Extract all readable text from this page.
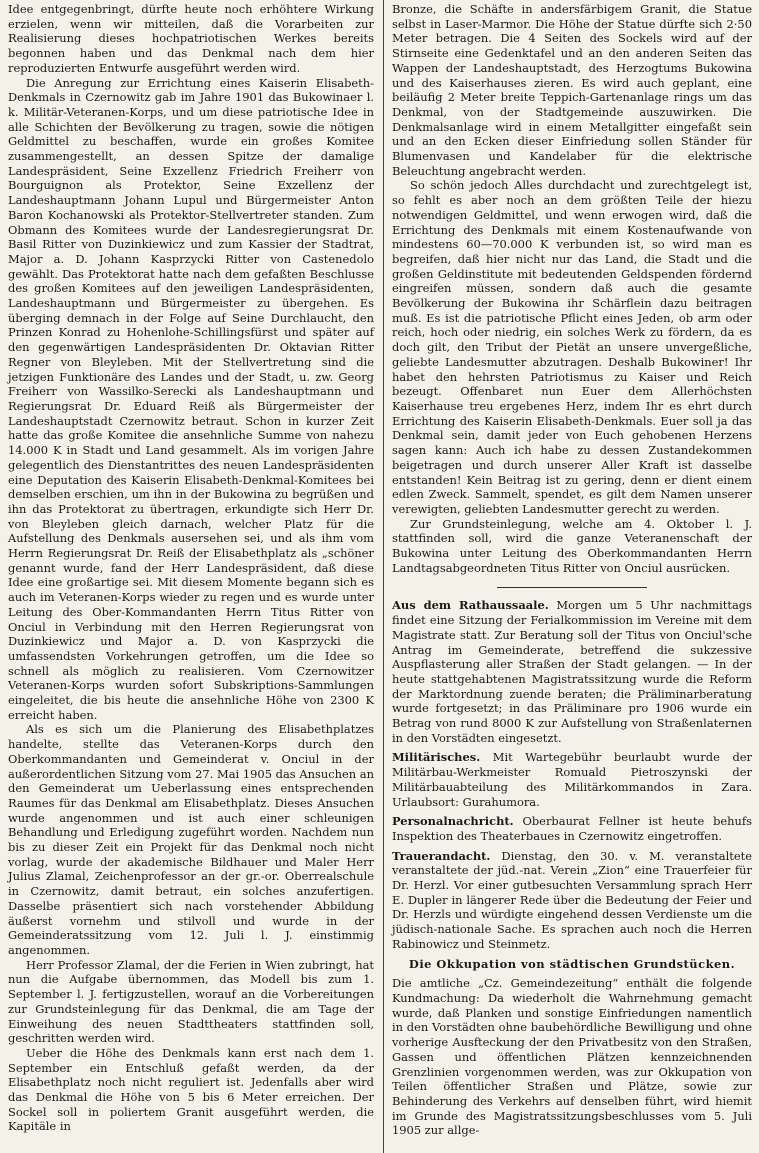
Idee entgegenbringt, dürfte heute noch erhöhtere Wirkung erzielen, wenn wir mitteilen, daß die Vorarbeiten zur Realisierung dieses hochpatriotischen Werkes bereits begonnen haben und das Denkmal nach dem hier reproduzierten Entwurfe ausgeführt werden wird.

Die Anregung zur Errichtung eines Kaiserin Elisabeth-Denkmals in Czernowitz gab im Jahre 1901 das Bukowinaer l. k. Militär-Veteranen-Korps, und um diese patriotische Idee in alle Schichten der Bevölkerung zu tragen, sowie die nötigen Geldmittel zu beschaffen, wurde ein großes Komitee zusammengestellt, an dessen Spitze der damalige Landespräsident, Seine Exzellenz Friedrich Freiherr von Bourguignon als Protektor, Seine Exzellenz der Landeshauptmann Johann Lupul und Bürgermeister Anton Baron Kochanowski als Protektor-Stellvertreter standen. Zum Obmann des Komitees wurde der Landesregierungsrat Dr. Basil Ritter von Duzinkiewicz und zum Kassier der Stadtrat, Major a. D. Johann Kasprzycki Ritter von Castenedolo gewählt. Das Protektorat hatte nach dem gefaßten Beschlusse des großen Komitees auf den jeweiligen Landespräsidenten, Landeshauptmann und Bürgermeister zu übergehen. Es überging demnach in der Folge auf Seine Durchlaucht, den Prinzen Konrad zu Hohenlohe-Schillingsfürst und später auf den gegenwärtigen Landespräsidenten Dr. Oktavian Ritter Regner von Bleyleben. Mit der Stellvertretung sind die jetzigen Funktionäre des Landes und der Stadt, u. zw. Georg Freiherr von Wassilko-Serecki als Landeshauptmann und Regierungsrat Dr. Eduard Reiß als Bürgermeister der Landeshauptstadt Czernowitz betraut. Schon in kurzer Zeit hatte das große Komitee die ansehnliche Summe von nahezu 14.000 K in Stadt und Land gesammelt. Als im vorigen Jahre gelegentlich des Dienstantrittes des neuen Landespräsidenten eine Deputation des Kaiserin Elisabeth-Denkmal-Komitees bei demselben erschien, um ihn in der Bukowina zu begrüßen und ihn das Protektorat zu übertragen, erkundigte sich Herr Dr. von Bleyleben gleich darnach, welcher Platz für die Aufstellung des Denkmals ausersehen sei, und als ihm vom Herrn Regierungsrat Dr. Reiß der Elisabethplatz als „schöner genannt wurde, fand der Herr Landespräsident, daß diese Idee eine großartige sei. Mit diesem Momente begann sich es auch im Veteranen-Korps wieder zu regen und es wurde unter Leitung des Ober-Kommandanten Herrn Titus Ritter von Onciul in Verbindung mit den Herren Regierungsrat von Duzinkiewicz und Major a. D. von Kasprzycki die umfassendsten Vorkehrungen getroffen, um die Idee so schnell als möglich zu realisieren. Vom Czernowitzer Veteranen-Korps wurden sofort Subskriptions-Sammlungen eingeleitet, die bis heute die ansehnliche Höhe von 2300 K erreicht haben.

Als es sich um die Planierung des Elisabethplatzes handelte, stellte das Veteranen-Korps durch den Oberkommandanten und Gemeinderat v. Onciul in der außerordentlichen Sitzung vom 27. Mai 1905 das Ansuchen an den Gemeinderat um Ueberlassung eines entsprechenden Raumes für das Denkmal am Elisabethplatz. Dieses Ansuchen wurde angenommen und ist auch einer schleunigen Behandlung und Erledigung zugeführt worden. Nachdem nun bis zu dieser Zeit ein Projekt für das Denkmal noch nicht vorlag, wurde der akademische Bildhauer und Maler Herr Julius Zlamal, Zeichenprofessor an der gr.-or. Oberrealschule in Czernowitz, damit betraut, ein solches anzufertigen. Dasselbe präsentiert sich nach vorstehender Abbildung äußerst vornehm und stilvoll und wurde in der Gemeinderatssitzung vom 12. Juli l. J. einstimmig angenommen.

Herr Professor Zlamal, der die Ferien in Wien zubringt, hat nun die Aufgabe übernommen, das Modell bis zum 1. September l. J. fertigzustellen, worauf an die Vorbereitungen zur Grundsteinlegung für das Denkmal, die am Tage der Einweihung des neuen Stadttheaters stattfinden soll, geschritten werden wird.

Ueber die Höhe des Denkmals kann erst nach dem 1. September ein Entschluß gefaßt werden, da der Elisabethplatz noch nicht reguliert ist. Jedenfalls aber wird das Denkmal die Höhe von 5 bis 6 Meter erreichen. Der Sockel soll in poliertem Granit ausgeführt werden, die Kapitäle in

Bronze, die Schäfte in andersfärbigem Granit, die Statue selbst in Laser-Marmor. Die Höhe der Statue dürfte sich 2·50 Meter betragen. Die 4 Seiten des Sockels wird auf der Stirnseite eine Gedenktafel und an den anderen Seiten das Wappen der Landeshauptstadt, des Herzogtums Bukowina und des Kaiserhauses zieren. Es wird auch geplant, eine beiläufig 2 Meter breite Teppich-Gartenanlage rings um das Denkmal, von der Stadtgemeinde auszuwirken. Die Denkmalsanlage wird in einem Metallgitter eingefaßt sein und an den Ecken dieser Einfriedung sollen Ständer für Blumenvasen und Kandelaber für die elektrische Beleuchtung angebracht werden.

So schön jedoch Alles durchdacht und zurechtgelegt ist, so fehlt es aber noch an dem größten Teile der hiezu notwendigen Geldmittel, und wenn erwogen wird, daß die Errichtung des Denkmals mit einem Kostenaufwande von mindestens 60—70.000 K verbunden ist, so wird man es begreifen, daß hier nicht nur das Land, die Stadt und die großen Geldinstitute mit bedeutenden Geldspenden fördernd eingreifen müssen, sondern daß auch die gesamte Bevölkerung der Bukowina ihr Schärflein dazu beitragen muß. Es ist die patriotische Pflicht eines Jeden, ob arm oder reich, hoch oder niedrig, ein solches Werk zu fördern, da es doch gilt, den Tribut der Pietät an unsere unvergeßliche, geliebte Landesmutter abzutragen. Deshalb Bukowiner! Ihr habet den hehrsten Patriotismus zu Kaiser und Reich bezeugt. Offenbaret nun Euer dem Allerhöchsten Kaiserhause treu ergebenes Herz, indem Ihr es ehrt durch Errichtung des Kaiserin Elisabeth-Denkmals. Euer soll ja das Denkmal sein, damit jeder von Euch gehobenen Herzens sagen kann: Auch ich habe zu dessen Zustandekommen beigetragen und durch unserer Aller Kraft ist dasselbe entstanden! Kein Beitrag ist zu gering, denn er dient einem edlen Zweck. Sammelt, spendet, es gilt dem Namen unserer verewigten, geliebten Landesmutter gerecht zu werden.

Zur Grundsteinlegung, welche am 4. Oktober l. J. stattfinden soll, wird die ganze Veteranenschaft der Bukowina unter Leitung des Oberkommandanten Herrn Landtagsabgeordneten Titus Ritter von Onciul ausrücken.

Aus dem Rathaussaale. Morgen um 5 Uhr nachmittags findet eine Sitzung der Ferialkommission im Vereine mit dem Magistrate statt. Zur Beratung soll der Titus von Onciul'sche Antrag im Gemeinderate, betreffend die sukzessive Auspflasterung aller Straßen der Stadt gelangen. — In der heute stattgehabtenen Magistratssitzung wurde die Reform der Marktordnung zuende beraten; die Präliminarberatung wurde fortgesetzt; in das Präliminare pro 1906 wurde ein Betrag von rund 8000 K zur Aufstellung von Straßenlaternen in den Vorstädten eingesetzt.

Militärisches. Mit Wartegebühr beurlaubt wurde der Militärbau-Werkmeister Romuald Pietroszynski der Militärbauabteilung des Militärkommandos in Zara. Urlaubsort: Gurahumora.

Personalnachricht. Oberbaurat Fellner ist heute behufs Inspektion des Theaterbaues in Czernowitz eingetroffen.

Trauerandacht. Dienstag, den 30. v. M. veranstaltete veranstaltete der jüd.-nat. Verein „Zion“ eine Trauerfeier für Dr. Herzl. Vor einer gutbesuchten Versammlung sprach Herr E. Dupler in längerer Rede über die Bedeutung der Feier und Dr. Herzls und würdigte eingehend dessen Verdienste um die jüdisch-nationale Sache. Es sprachen auch noch die Herren Rabinowicz und Steinmetz.

Die Okkupation von städtischen Grundstücken.

Die amtliche „Cz. Gemeindezeitung“ enthält die folgende Kundmachung: Da wiederholt die Wahrnehmung gemacht wurde, daß Planken und sonstige Einfriedungen namentlich in den Vorstädten ohne baubehördliche Bewilligung und ohne vorherige Ausfteckung der den Privatbesitz von den Straßen, Gassen und öffentlichen Plätzen kennzeichnenden Grenzlinien vorgenommen werden, was zur Okkupation von Teilen öffentlicher Straßen und Plätze, sowie zur Behinderung des Verkehrs auf denselben führt, wird hiemit im Grunde des Magistratssitzungsbeschlusses vom 5. Juli 1905 zur allge-
